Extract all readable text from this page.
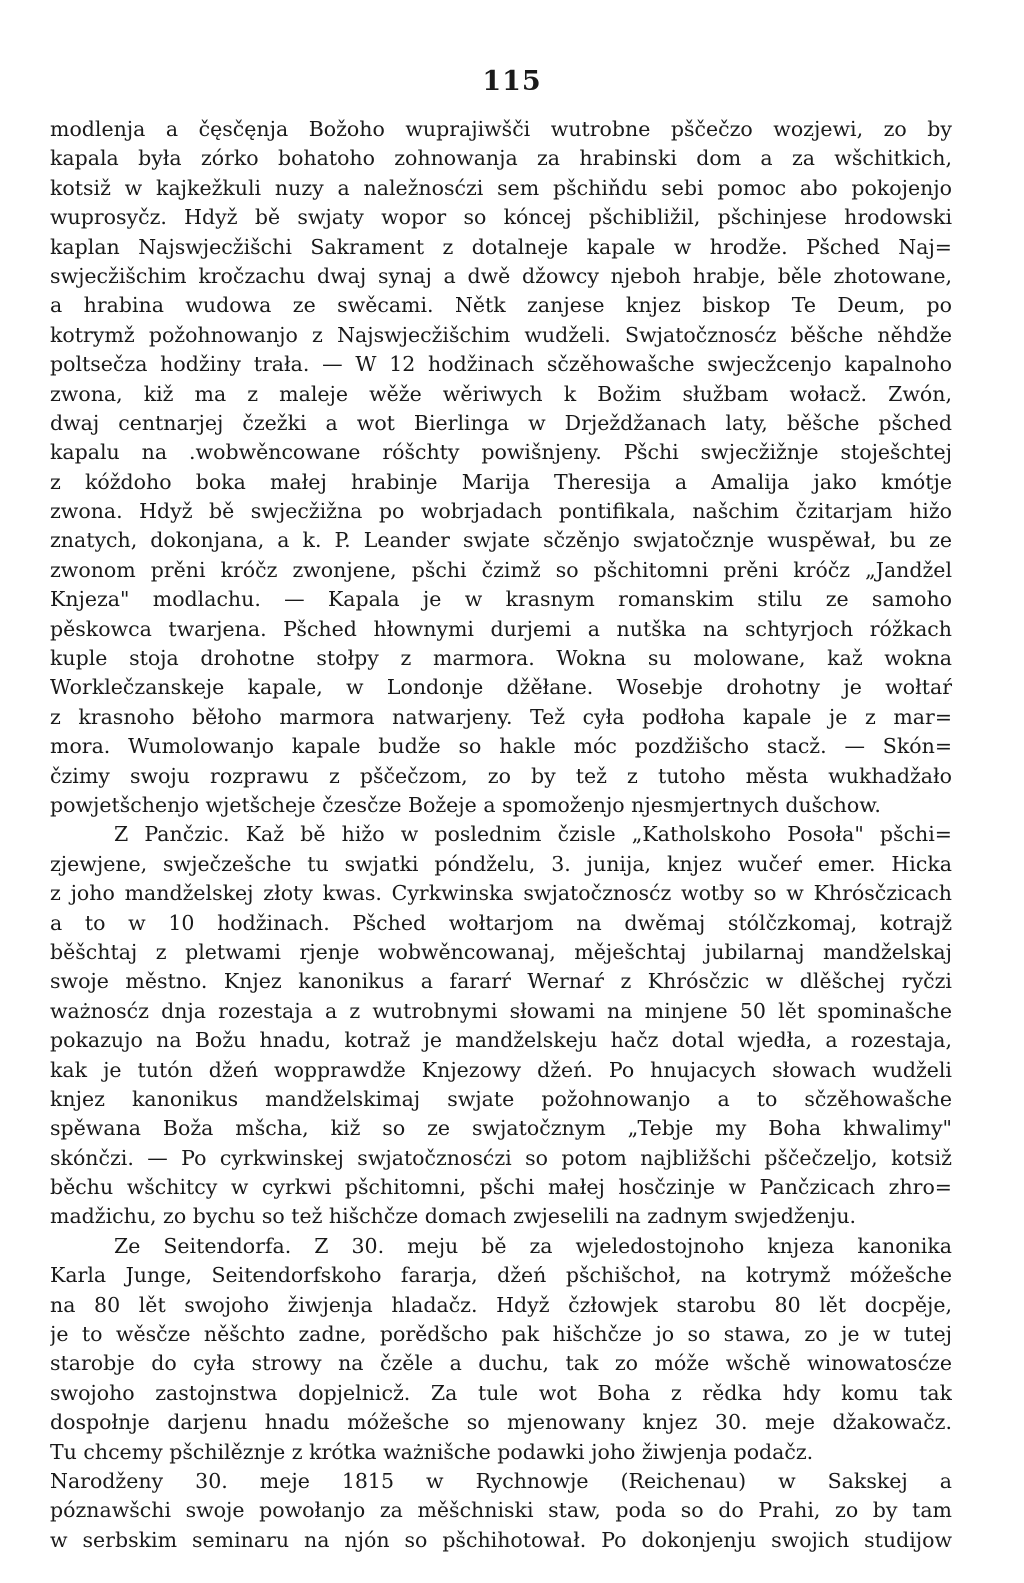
115
modlenja a čęsčęnja Božoho wuprajiwšči wutrobne pščečzo wozjewi, zo by
kapala była zórko bohatoho zohnowanja za hrabinski dom a za wšchitkich,
kotsiž w kajkežkuli nuzy a naležnosćzi sem pšchiňdu sebi pomoc abo pokojenjo
wuprosyčz. Hdyž bě swjaty wopor so kóncej pšchibližil, pšchinjese hrodowski
kaplan Najswjecžišchi Sakrament z dotalneje kapale w hrodže. Pšched Naj=
swjecžišchim kročzachu dwaj synaj a dwě džowcy njeboh hrabje, běle zhotowane,
a hrabina wudowa ze swěcami. Nětk zanjese knjez biskop Te Deum, po
kotrymž požohnowanjo z Najswjecžišchim wudželi. Swjatočznosćz běšche něhdže
poltsečza hodžiny trała. — W 12 hodžinach sčzěhowašche swjecžcenjo kapalnoho
zwona, kiž ma z maleje wěže wěriwych k Božim słužbam wołacž. Zwón,
dwaj centnarjej čzežki a wot Bierlinga w Drježdžanach laty, běšche pšched
kapalu na .wobwěncowane róšchty powišnjeny. Pšchi swjecžižnje stoješchtej
z kóždoho boka małej hrabinje Marija Theresija a Amalija jako kmótje
zwona. Hdyž bě swjecžižna po wobrjadach pontifikala, našchim čzitarjam hižo
znatych, dokonjana, a k. P. Leander swjate sčzěnjo swjatočznje wuspěwał, bu ze
zwonom prěni króčz zwonjene, pšchi čzimž so pšchitomni prěni króčz „Jandžel
Knjeza" modlachu. — Kapala je w krasnym romanskim stilu ze samoho
pěskowca twarjena. Pšched hłownymi durjemi a nutška na schtyrjoch róžkach
kuple stoja drohotne stołpy z marmora. Wokna su molowane, kaž wokna
Worklečzanskeje kapale, w Londonje džěłane. Wosebje drohotny je wołtaŕ
z krasnoho běłoho marmora natwarjeny. Tež cyła podłoha kapale je z mar=
mora. Wumolowanjo kapale budže so hakle móc pozdžišcho stacž. — Skón=
čzimy swoju rozprawu z pščečzom, zo by tež z tutoho města wukhadžało
powjetšchenjo wjetšcheje čzesčze Božeje a spomoženjo njesmjertnych dušchow.
Z Pančzic. Kaž bě hižo w poslednim čzisle „Katholskoho Posoła" pšchi=
zjewjene, swječzešche tu swjatki póndželu, 3. junija, knjez wučeŕ emer. Hicka
z joho mandželskej złoty kwas. Cyrkwinska swjatočznosćz wotby so w Khrósčzicach
a to w 10 hodžinach. Pšched wołtarjom na dwěmaj stólčzkomaj, kotrajž
běšchtaj z pletwami rjenje wobwěncowanaj, měješchtaj jubilarnaj mandželskaj
swoje městno. Knjez kanonikus a fararŕ Wernaŕ z Khrósčzic w dlěšchej ryčzi
ważnosćz dnja rozestaja a z wutrobnymi słowami na minjene 50 lět spominašche
pokazujo na Božu hnadu, kotraž je mandželskeju hačz dotal wjedła, a rozestaja,
kak je tutón džeń wopprawdže Knjezowy džeń. Po hnujacych słowach wudželi
knjez kanonikus mandželskimaj swjate požohnowanjo a to sčzěhowašche
spěwana Boža mšcha, kiž so ze swjatočznym „Tebje my Boha khwalimy"
skónčzi. — Po cyrkwinskej swjatočznosćzi so potom najbližšchi pščečzeljo, kotsiž
běchu wšchitcy w cyrkwi pšchitomni, pšchi małej hosčzinje w Pančzicach zhro=
madžichu, zo bychu so tež hišchčze domach zwjeselili na zadnym swjedženju.
Ze Seitendorfa. Z 30. meju bě za wjeledostojnoho knjeza kanonika
Karla Junge, Seitendorfskoho fararja, džeń pšchišchoł, na kotrymž móžešche
na 80 lět swojoho žiwjenja hladačz. Hdyž čzłowjek starobu 80 lět docpěje,
je to wěsčze něšchto zadne, porědšcho pak hišchčze jo so stawa, zo je w tutej
starobje do cyła strowy na čzěle a duchu, tak zo móže wšchě winowatosćze
swojoho zastojnstwa dopjelnicž. Za tule wot Boha z rědka hdy komu tak
dospołnje darjenu hnadu móžešche so mjenowany knjez 30. meje džakowačz.
Tu chcemy pšchilěznje z krótka ważnišche podawki joho žiwjenja podačz.
Narodženy 30. meje 1815 w Rychnowje (Reichenau) w Sakskej a
póznawšchi swoje powołanjo za měšchniski staw, poda so do Prahi, zo by tam
w serbskim seminaru na njón so pšchihotował. Po dokonjenju swojich studijow
